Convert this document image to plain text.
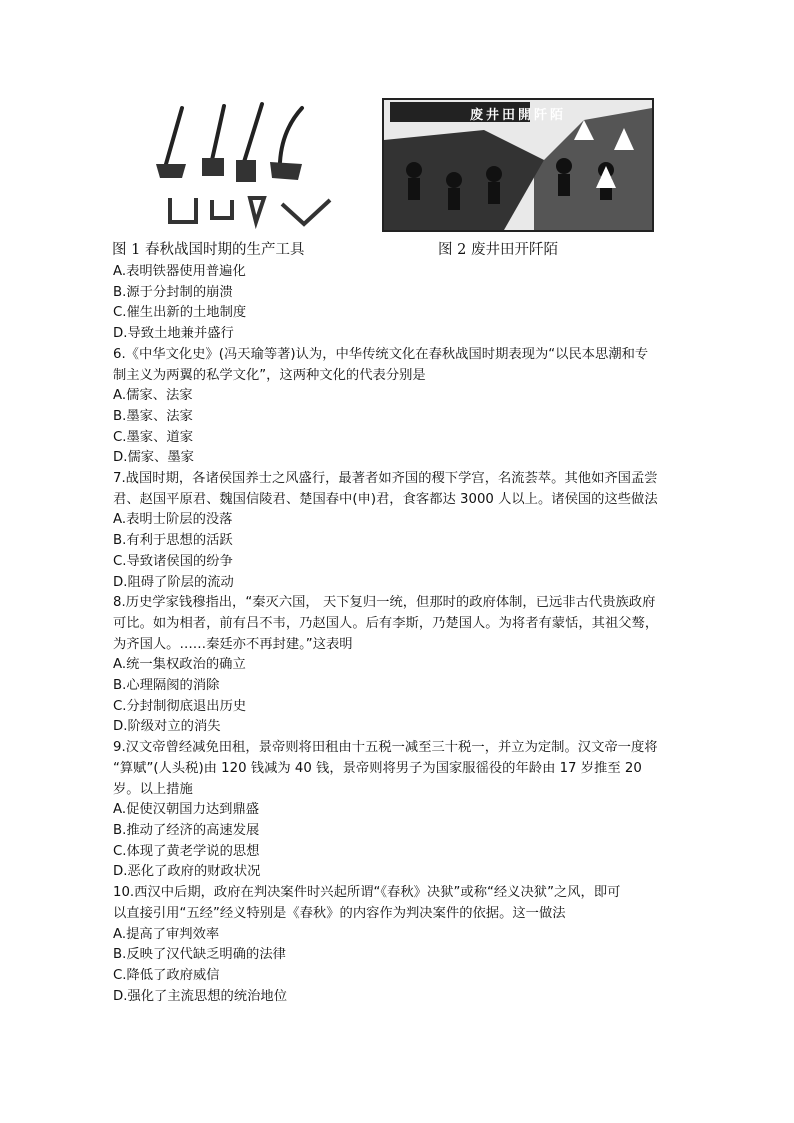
废井田開阡陌
图 1 春秋战国时期的生产工具	图 2 废井田开阡陌
A.表明铁器使用普遍化
B.源于分封制的崩溃
C.催生出新的土地制度
D.导致土地兼并盛行
6.《中华文化史》(冯天瑜等著)认为，中华传统文化在春秋战国时期表现为“以民本思潮和专
制主义为两翼的私学文化”，这两种文化的代表分别是
A.儒家、法家
B.墨家、法家
C.墨家、道家
D.儒家、墨家
7.战国时期，各诸侯国养士之风盛行，最著者如齐国的稷下学宫，名流荟萃。其他如齐国孟尝
君、赵国平原君、魏国信陵君、楚国春中(申)君，食客都达 3000 人以上。诸侯国的这些做法
A.表明士阶层的没落
B.有利于思想的活跃
C.导致诸侯国的纷争
D.阻碍了阶层的流动
8.历史学家钱穆指出，“秦灭六国， 天下复归一统，但那时的政府体制，已远非古代贵族政府
可比。如为相者，前有吕不韦，乃赵国人。后有李斯，乃楚国人。为将者有蒙恬，其祖父骜，
为齐国人。……秦廷亦不再封建。”这表明
A.统一集权政治的确立
B.心理隔阂的消除
C.分封制彻底退出历史
D.阶级对立的消失
9.汉文帝曾经减免田租，景帝则将田租由十五税一减至三十税一，并立为定制。汉文帝一度将
“算赋”(人头税)由 120 钱减为 40 钱，景帝则将男子为国家服徭役的年龄由 17 岁推至 20
岁。以上措施
A.促使汉朝国力达到鼎盛
B.推动了经济的高速发展
C.体现了黄老学说的思想
D.恶化了政府的财政状况
10.西汉中后期，政府在判决案件时兴起所谓“《春秋》决狱”或称“经义决狱”之风，即可
以直接引用“五经”经义特别是《春秋》的内容作为判决案件的依据。这一做法
A.提高了审判效率
B.反映了汉代缺乏明确的法律
C.降低了政府威信
D.强化了主流思想的统治地位
